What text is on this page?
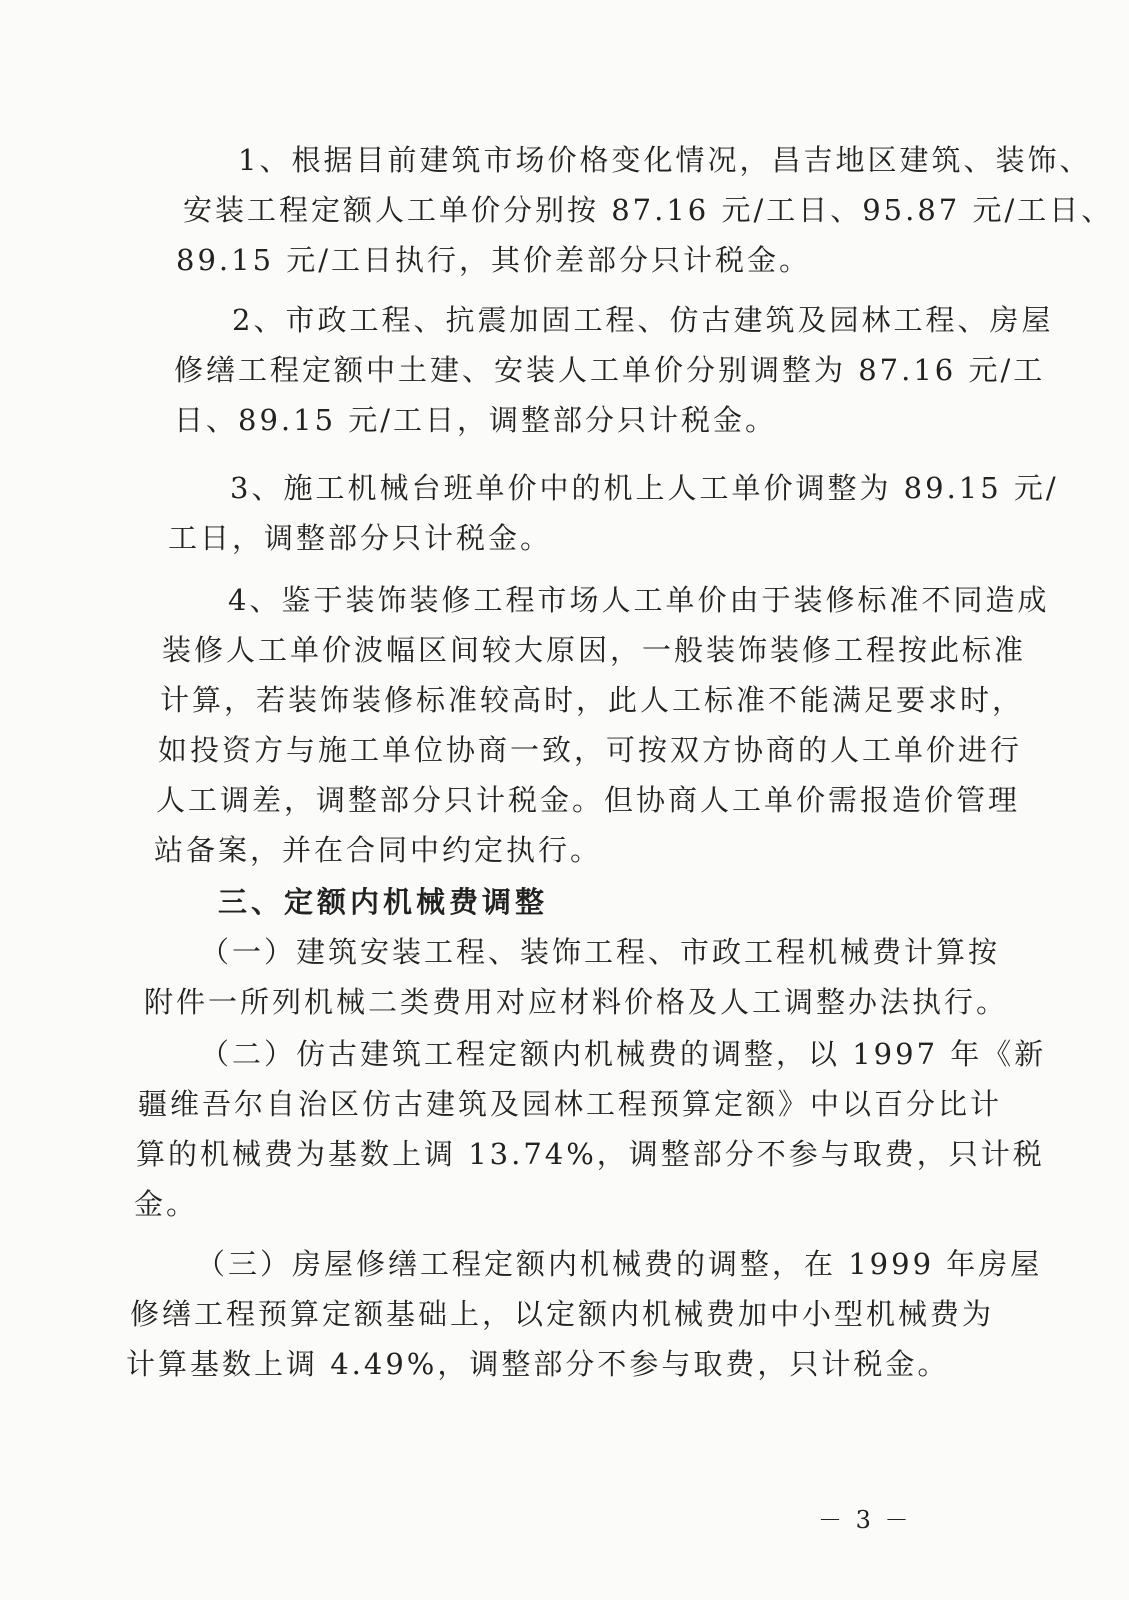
1、根据目前建筑市场价格变化情况，昌吉地区建筑、装饰、
安装工程定额人工单价分别按 87.16 元/工日、95.87 元/工日、
89.15 元/工日执行，其价差部分只计税金。
2、市政工程、抗震加固工程、仿古建筑及园林工程、房屋
修缮工程定额中土建、安装人工单价分别调整为 87.16 元/工
日、89.15 元/工日，调整部分只计税金。
3、施工机械台班单价中的机上人工单价调整为 89.15 元/
工日，调整部分只计税金。
4、鉴于装饰装修工程市场人工单价由于装修标准不同造成
装修人工单价波幅区间较大原因，一般装饰装修工程按此标准
计算，若装饰装修标准较高时，此人工标准不能满足要求时，
如投资方与施工单位协商一致，可按双方协商的人工单价进行
人工调差，调整部分只计税金。但协商人工单价需报造价管理
站备案，并在合同中约定执行。
三、定额内机械费调整
（一）建筑安装工程、装饰工程、市政工程机械费计算按
附件一所列机械二类费用对应材料价格及人工调整办法执行。
（二）仿古建筑工程定额内机械费的调整，以 1997 年《新
疆维吾尔自治区仿古建筑及园林工程预算定额》中以百分比计
算的机械费为基数上调 13.74%，调整部分不参与取费，只计税
金。
（三）房屋修缮工程定额内机械费的调整，在 1999 年房屋
修缮工程预算定额基础上，以定额内机械费加中小型机械费为
计算基数上调 4.49%，调整部分不参与取费，只计税金。
－ 3 －
